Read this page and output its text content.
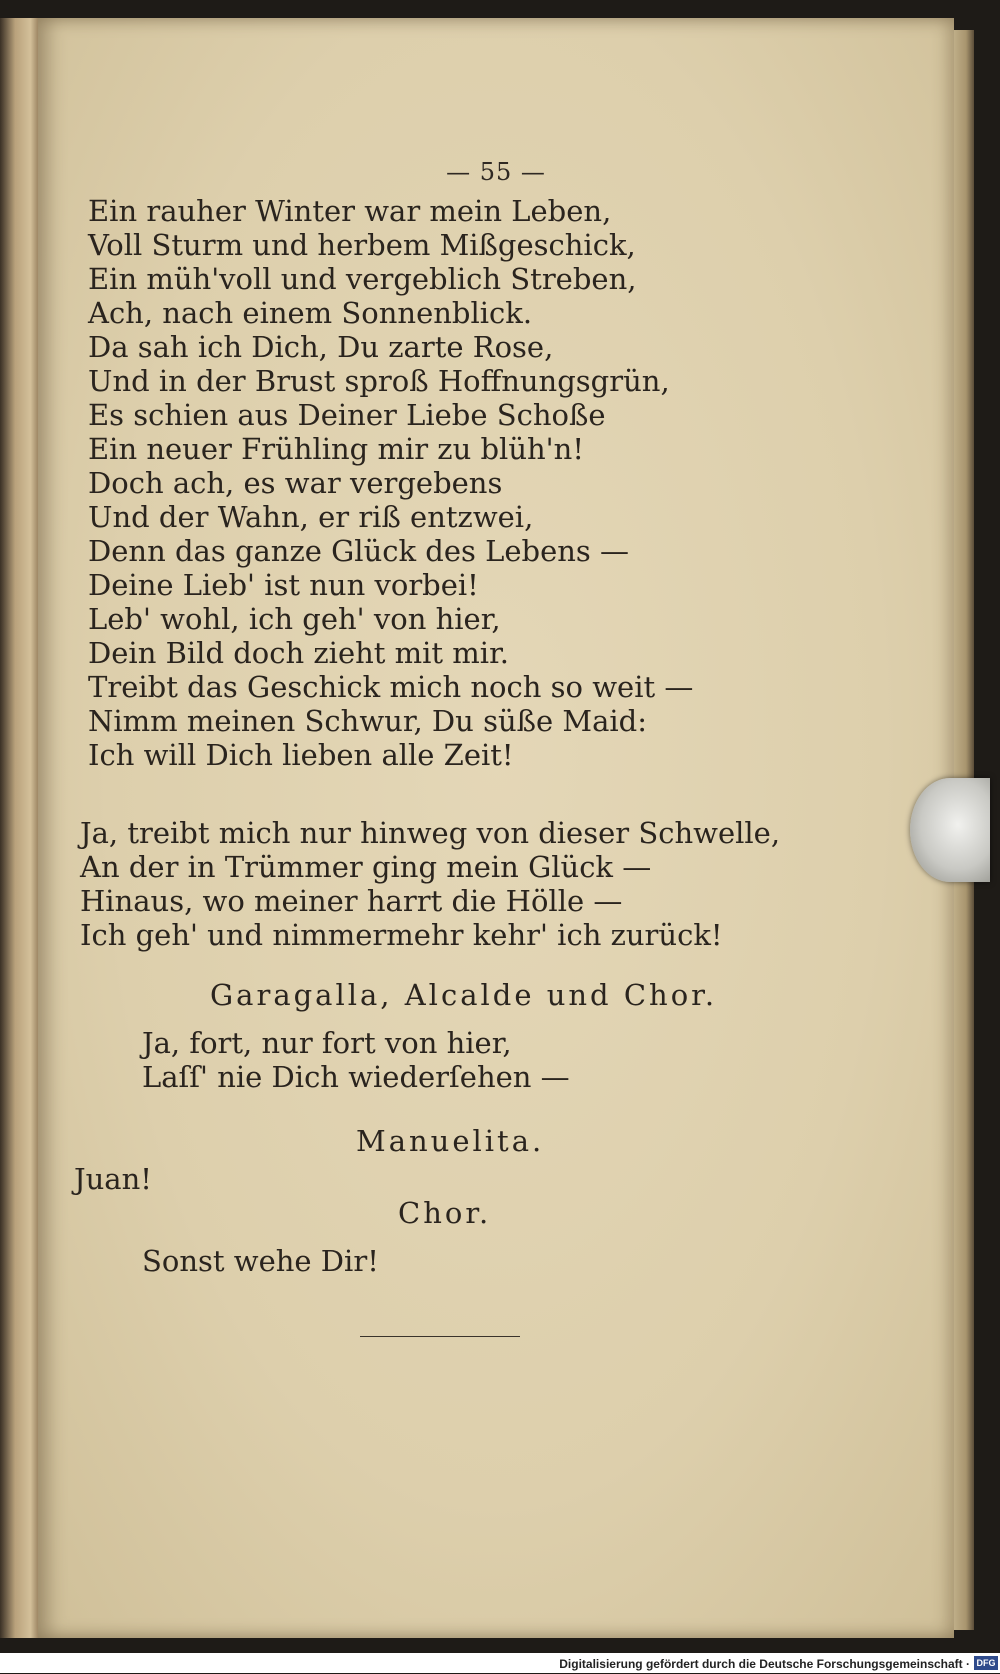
— 55 —
Ein rauher Winter war mein Leben,
Voll Sturm und herbem Mißgeschick,
Ein müh'voll und vergeblich Streben,
Ach, nach einem Sonnenblick.
Da sah ich Dich, Du zarte Rose,
Und in der Brust sproß Hoffnungsgrün,
Es schien aus Deiner Liebe Schoße
Ein neuer Frühling mir zu blüh'n!
Doch ach, es war vergebens
Und der Wahn, er riß entzwei,
Denn das ganze Glück des Lebens —
Deine Lieb' ist nun vorbei!
Leb' wohl, ich geh' von hier,
Dein Bild doch zieht mit mir.
Treibt das Geschick mich noch so weit —
Nimm meinen Schwur, Du süße Maid:
Ich will Dich lieben alle Zeit!
Ja, treibt mich nur hinweg von dieser Schwelle,
An der in Trümmer ging mein Glück —
Hinaus, wo meiner harrt die Hölle —
Ich geh' und nimmermehr kehr' ich zurück!
Garagalla, Alcalde und Chor.
Ja, fort, nur fort von hier,
Laſſ' nie Dich wiederſehen —
Manuelita.
Juan!
Chor.
Sonst wehe Dir!
Digitalisierung gefördert durch die Deutsche Forschungsgemeinschaft · DFG
